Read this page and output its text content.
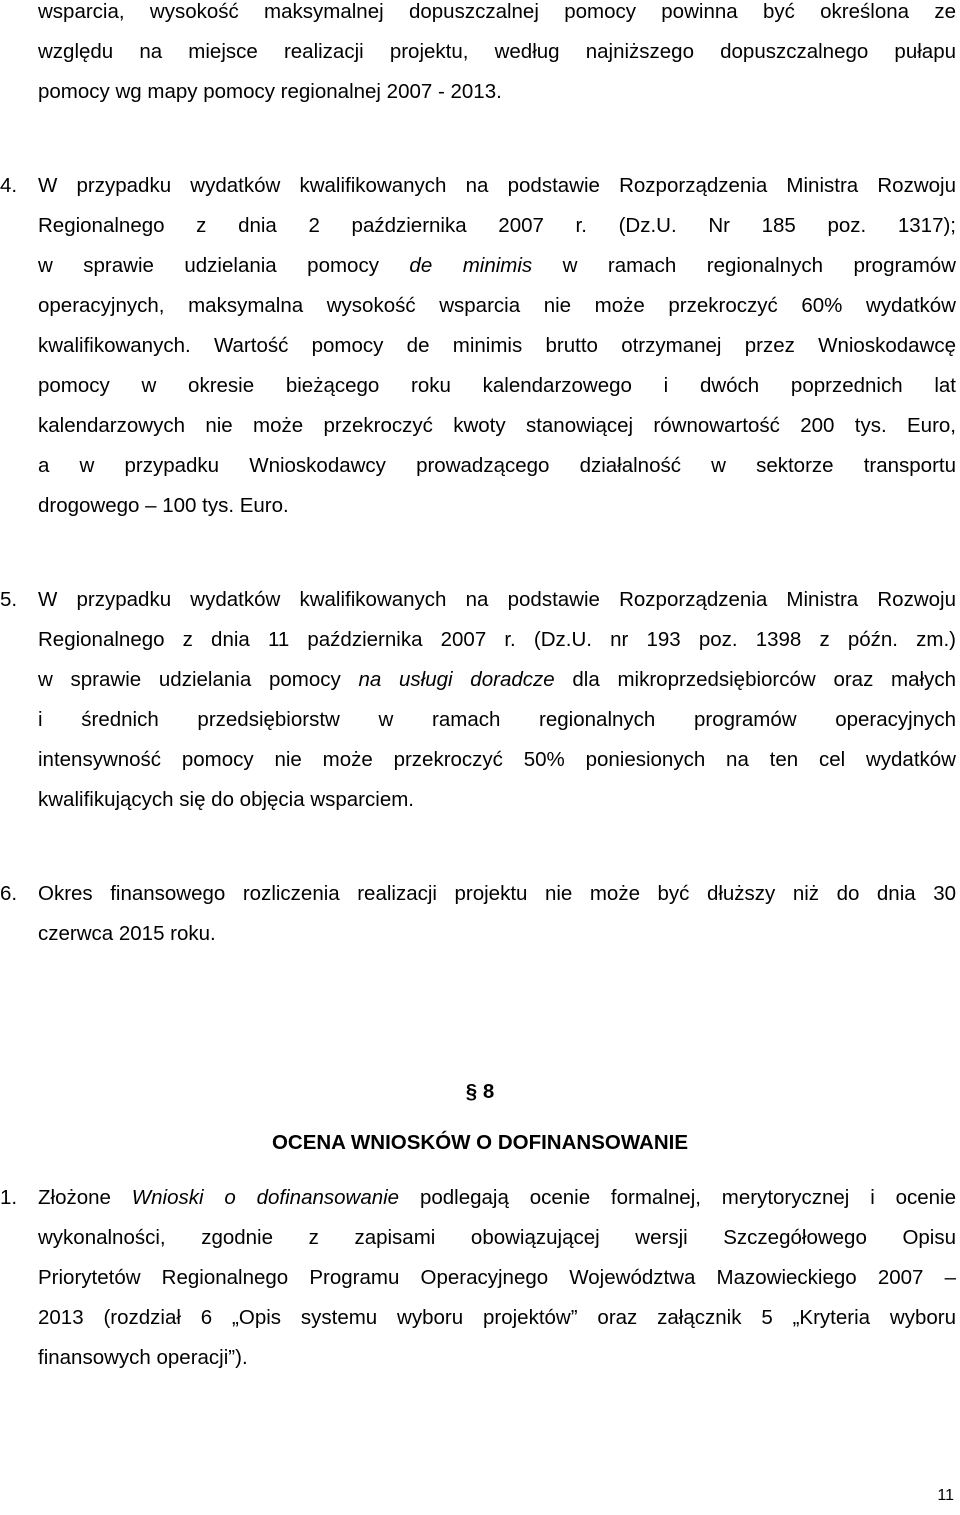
wsparcia, wysokość maksymalnej dopuszczalnej pomocy powinna być określona ze
względu na miejsce realizacji projektu, według najniższego dopuszczalnego pułapu
pomocy wg mapy pomocy regionalnej 2007 - 2013.
4. W przypadku wydatków kwalifikowanych na podstawie Rozporządzenia Ministra Rozwoju
Regionalnego z dnia 2 października 2007 r. (Dz.U. Nr 185 poz. 1317);
w sprawie udzielania pomocy de minimis w ramach regionalnych programów
operacyjnych, maksymalna wysokość wsparcia nie może przekroczyć 60% wydatków
kwalifikowanych. Wartość pomocy de minimis brutto otrzymanej przez Wnioskodawcę
pomocy w okresie bieżącego roku kalendarzowego i dwóch poprzednich lat
kalendarzowych nie może przekroczyć kwoty stanowiącej równowartość 200 tys. Euro,
a w przypadku Wnioskodawcy prowadzącego działalność w sektorze transportu
drogowego – 100 tys. Euro.
5. W przypadku wydatków kwalifikowanych na podstawie Rozporządzenia Ministra Rozwoju
Regionalnego z dnia 11 października 2007 r. (Dz.U. nr 193 poz. 1398 z późn. zm.)
w sprawie udzielania pomocy na usługi doradcze dla mikroprzedsiębiorców oraz małych
i średnich przedsiębiorstw w ramach regionalnych programów operacyjnych
intensywność pomocy nie może przekroczyć 50% poniesionych na ten cel wydatków
kwalifikujących się do objęcia wsparciem.
6. Okres finansowego rozliczenia realizacji projektu nie może być dłuższy niż do dnia 30
czerwca 2015 roku.
§ 8
OCENA WNIOSKÓW O DOFINANSOWANIE
1. Złożone Wnioski o dofinansowanie podlegają ocenie formalnej, merytorycznej i ocenie
wykonalności, zgodnie z zapisami obowiązującej wersji Szczegółowego Opisu
Priorytetów Regionalnego Programu Operacyjnego Województwa Mazowieckiego 2007 –
2013 (rozdział 6 „Opis systemu wyboru projektów” oraz załącznik 5 „Kryteria wyboru
finansowych operacji”).
11
